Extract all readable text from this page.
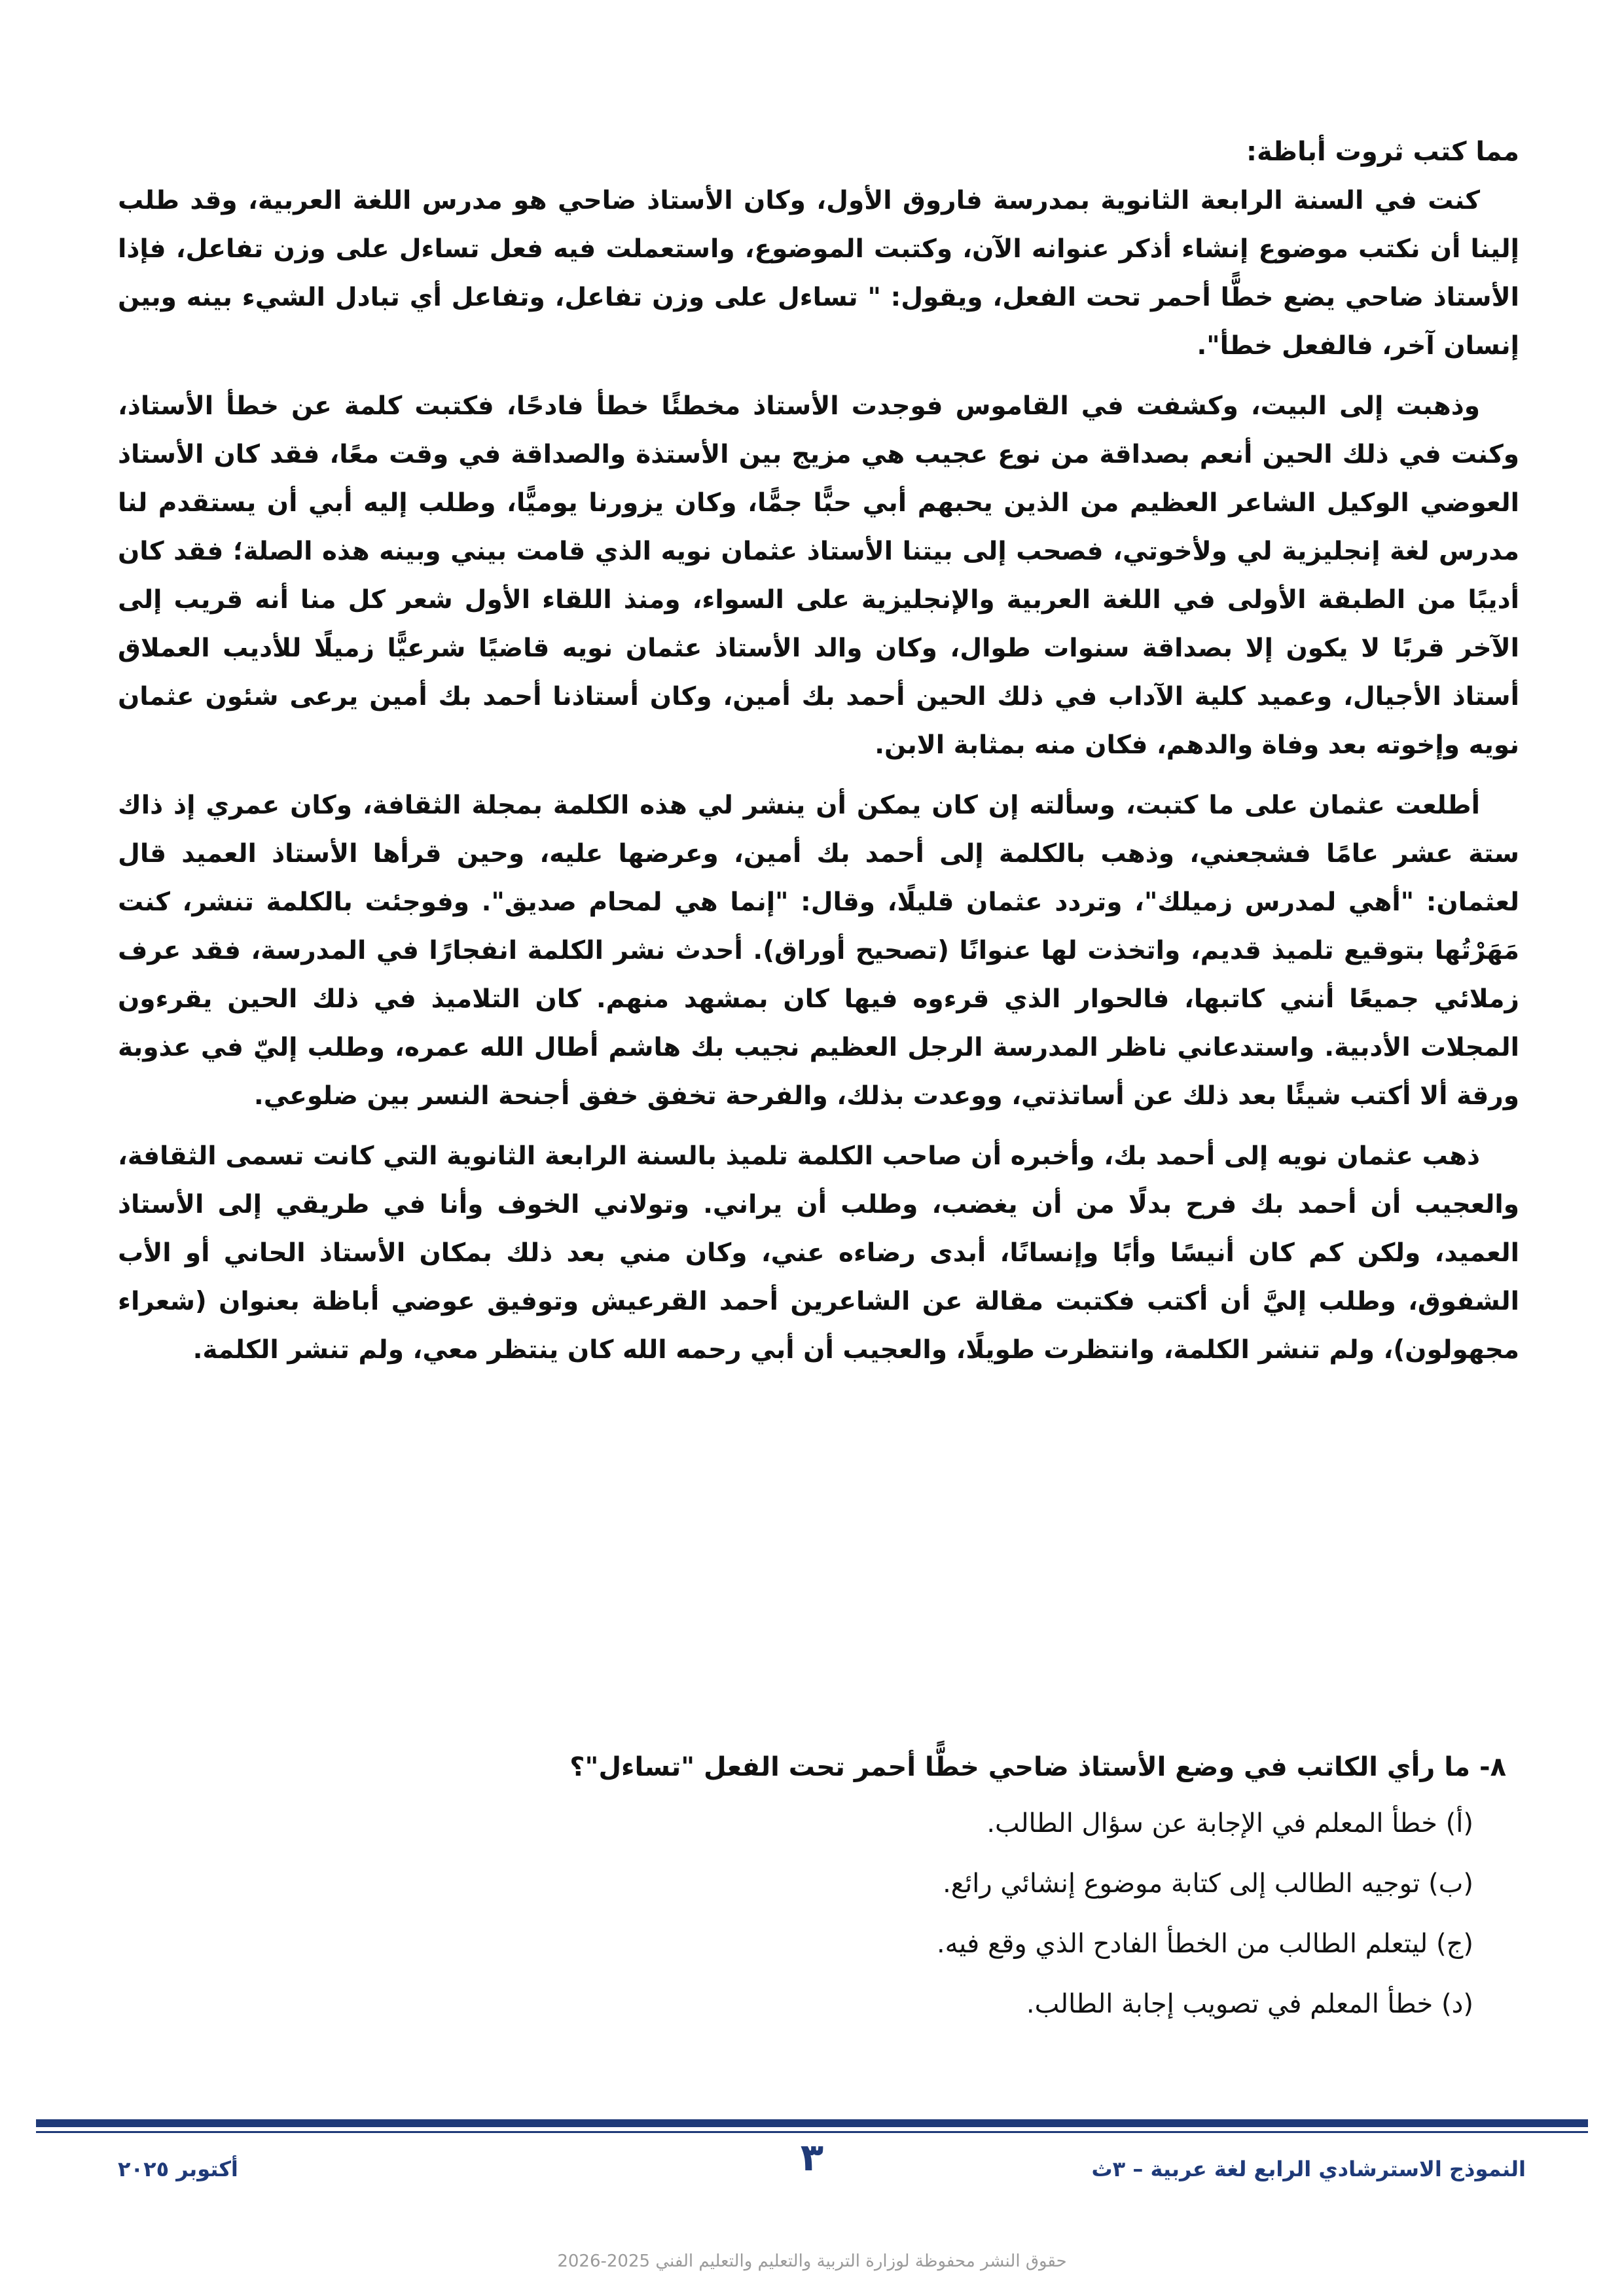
مما كتب ثروت أباظة:

كنت في السنة الرابعة الثانوية بمدرسة فاروق الأول، وكان الأستاذ ضاحي هو مدرس اللغة العربية، وقد طلب إلينا أن نكتب موضوع إنشاء أذكر عنوانه الآن، وكتبت الموضوع، واستعملت فيه فعل تساءل على وزن تفاعل، فإذا الأستاذ ضاحي يضع خطًّا أحمر تحت الفعل، ويقول: " تساءل على وزن تفاعل، وتفاعل أي تبادل الشيء بينه وبين إنسان آخر، فالفعل خطأ".

وذهبت إلى البيت، وكشفت في القاموس فوجدت الأستاذ مخطئًا خطأ فادحًا، فكتبت كلمة عن خطأ الأستاذ، وكنت في ذلك الحين أنعم بصداقة من نوع عجيب هي مزيج بين الأستذة والصداقة في وقت معًا، فقد كان الأستاذ العوضي الوكيل الشاعر العظيم من الذين يحبهم أبي حبًّا جمًّا، وكان يزورنا يوميًّا، وطلب إليه أبي أن يستقدم لنا مدرس لغة إنجليزية لي ولأخوتي، فصحب إلى بيتنا الأستاذ عثمان نويه الذي قامت بيني وبينه هذه الصلة؛ فقد كان أديبًا من الطبقة الأولى في اللغة العربية والإنجليزية على السواء، ومنذ اللقاء الأول شعر كل منا أنه قريب إلى الآخر قربًا لا يكون إلا بصداقة سنوات طوال، وكان والد الأستاذ عثمان نويه قاضيًا شرعيًّا زميلًا للأديب العملاق أستاذ الأجيال، وعميد كلية الآداب في ذلك الحين أحمد بك أمين، وكان أستاذنا أحمد بك أمين يرعى شئون عثمان نويه وإخوته بعد وفاة والدهم، فكان منه بمثابة الابن.

أطلعت عثمان على ما كتبت، وسألته إن كان يمكن أن ينشر لي هذه الكلمة بمجلة الثقافة، وكان عمري إذ ذاك ستة عشر عامًا فشجعني، وذهب بالكلمة إلى أحمد بك أمين، وعرضها عليه، وحين قرأها الأستاذ العميد قال لعثمان: "أهي لمدرس زميلك"، وتردد عثمان قليلًا، وقال: "إنما هي لمحام صديق". وفوجئت بالكلمة تنشر، كنت مَهَرْتُها بتوقيع تلميذ قديم، واتخذت لها عنوانًا (تصحيح أوراق). أحدث نشر الكلمة انفجارًا في المدرسة، فقد عرف زملائي جميعًا أنني كاتبها، فالحوار الذي قرءوه فيها كان بمشهد منهم. كان التلاميذ في ذلك الحين يقرءون المجلات الأدبية. واستدعاني ناظر المدرسة الرجل العظيم نجيب بك هاشم أطال الله عمره، وطلب إليّ في عذوبة ورقة ألا أكتب شيئًا بعد ذلك عن أساتذتي، ووعدت بذلك، والفرحة تخفق خفق أجنحة النسر بين ضلوعي.

ذهب عثمان نويه إلى أحمد بك، وأخبره أن صاحب الكلمة تلميذ بالسنة الرابعة الثانوية التي كانت تسمى الثقافة، والعجيب أن أحمد بك فرح بدلًا من أن يغضب، وطلب أن يراني. وتولاني الخوف وأنا في طريقي إلى الأستاذ العميد، ولكن كم كان أنيسًا وأبًا وإنسانًا، أبدى رضاءه عني، وكان مني بعد ذلك بمكان الأستاذ الحاني أو الأب الشفوق، وطلب إليَّ أن أكتب فكتبت مقالة عن الشاعرين أحمد القرعيش وتوفيق عوضي أباظة بعنوان (شعراء مجهولون)، ولم تنشر الكلمة، وانتظرت طويلًا، والعجيب أن أبي رحمه الله كان ينتظر معي، ولم تنشر الكلمة.

٨- ما رأي الكاتب في وضع الأستاذ ضاحي خطًّا أحمر تحت الفعل "تساءل"؟

(أ) خطأ المعلم في الإجابة عن سؤال الطالب.
(ب) توجيه الطالب إلى كتابة موضوع إنشائي رائع.
(ج) ليتعلم الطالب من الخطأ الفادح الذي وقع فيه.
(د) خطأ المعلم في تصويب إجابة الطالب.
النموذج الاسترشادي الرابع لغة عربية – ٣ث
٣
أكتوبر ٢٠٢٥
حقوق النشر محفوظة لوزارة التربية والتعليم والتعليم الفني 2025-2026
